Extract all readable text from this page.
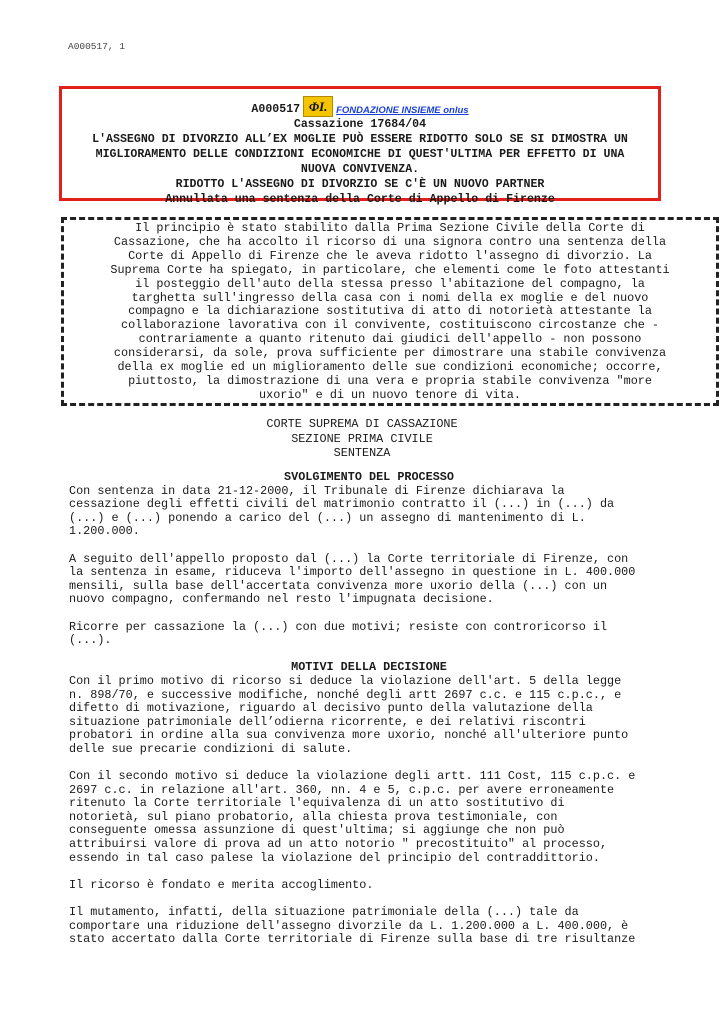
A000517, 1
A000517 ΦI. FONDAZIONE INSIEME onlus
Cassazione 17684/04
L'ASSEGNO DI DIVORZIO ALL’EX MOGLIE PUÒ ESSERE RIDOTTO SOLO SE SI DIMOSTRA UN
MIGLIORAMENTO DELLE CONDIZIONI ECONOMICHE DI QUEST'ULTIMA PER EFFETTO DI UNA
NUOVA CONVIVENZA.
RIDOTTO L'ASSEGNO DI DIVORZIO SE C'È UN NUOVO PARTNER
Annullata una sentenza della Corte di Appello di Firenze
Il principio è stato stabilito dalla Prima Sezione Civile della Corte di
Cassazione, che ha accolto il ricorso di una signora contro una sentenza della
Corte di Appello di Firenze che le aveva ridotto l'assegno di divorzio. La
Suprema Corte ha spiegato, in particolare, che elementi come le foto attestanti
il posteggio dell'auto della stessa presso l'abitazione del compagno, la
targhetta sull'ingresso della casa con i nomi della ex moglie e del nuovo
compagno e la dichiarazione sostitutiva di atto di notorietà attestante la
collaborazione lavorativa con il convivente, costituiscono circostanze che -
contrariamente a quanto ritenuto dai giudici dell'appello - non possono
considerarsi, da sole, prova sufficiente per dimostrare una stabile convivenza
della ex moglie ed un miglioramento delle sue condizioni economiche; occorre,
piuttosto, la dimostrazione di una vera e propria stabile convivenza "more
uxorio" e di un nuovo tenore di vita.
CORTE SUPREMA DI CASSAZIONE
SEZIONE PRIMA CIVILE
SENTENZA

SVOLGIMENTO DEL PROCESSO

Con sentenza in data 21-12-2000, il Tribunale di Firenze dichiarava la
cessazione degli effetti civili del matrimonio contratto il (...) in (...) da
(...) e (...) ponendo a carico del (...) un assegno di mantenimento di L.
1.200.000.
A seguito dell'appello proposto dal (...) la Corte territoriale di Firenze, con
la sentenza in esame, riduceva l'importo dell'assegno in questione in L. 400.000
mensili, sulla base dell'accertata convivenza more uxorio della (...) con un
nuovo compagno, confermando nel resto l'impugnata decisione.
Ricorre per cassazione la (...) con due motivi; resiste con controricorso il
(...).

MOTIVI DELLA DECISIONE

Con il primo motivo di ricorso si deduce la violazione dell'art. 5 della legge
n. 898/70, e successive modifiche, nonché degli artt 2697 c.c. e 115 c.p.c., e
difetto di motivazione, riguardo al decisivo punto della valutazione della
situazione patrimoniale dell’odierna ricorrente, e dei relativi riscontri
probatori in ordine alla sua convivenza more uxorio, nonché all'ulteriore punto
delle sue precarie condizioni di salute.
Con il secondo motivo si deduce la violazione degli artt. 111 Cost, 115 c.p.c. e
2697 c.c. in relazione all'art. 360, nn. 4 e 5, c.p.c. per avere erroneamente
ritenuto la Corte territoriale l'equivalenza di un atto sostitutivo di
notorietà, sul piano probatorio, alla chiesta prova testimoniale, con
conseguente omessa assunzione di quest'ultima; si aggiunge che non può
attribuirsi valore di prova ad un atto notorio " precostituito" al processo,
essendo in tal caso palese la violazione del principio del contraddittorio.
Il ricorso è fondato e merita accoglimento.
Il mutamento, infatti, della situazione patrimoniale della (...) tale da
comportare una riduzione dell'assegno divorzile da L. 1.200.000 a L. 400.000, è
stato accertato dalla Corte territoriale di Firenze sulla base di tre risultanze
